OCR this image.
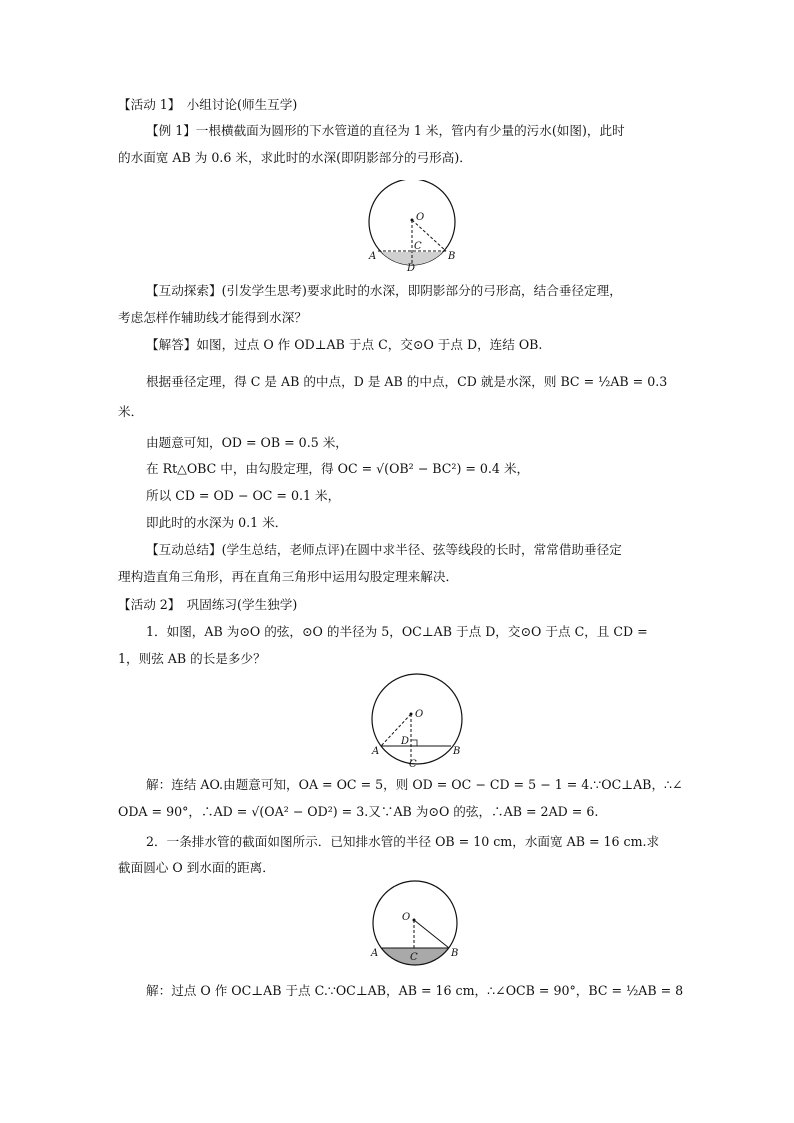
【活动 1】　小组讨论(师生互学)
【例 1】一根横截面为圆形的下水管道的直径为 1 米，管内有少量的污水(如图)，此时
的水面宽 AB 为 0.6 米，求此时的水深(即阴影部分的弓形高)．
O
C
A	B
D
【互动探索】(引发学生思考)要求此时的水深，即阴影部分的弓形高，结合垂径定理，
考虑怎样作辅助线才能得到水深？
【解答】如图，过点 O 作 OD⊥AB 于点 C，交⊙O 于点 D，连结 OB.
根据垂径定理，得 C 是 AB 的中点，D 是 AB 的中点，CD 就是水深，则 BC = ½AB = 0.3
米．
由题意可知，OD = OB = 0.5 米，
在 Rt△OBC 中，由勾股定理，得 OC = √(OB² − BC²) = 0.4 米，
所以 CD = OD − OC = 0.1 米，
即此时的水深为 0.1 米．
【互动总结】(学生总结，老师点评)在圆中求半径、弦等线段的长时，常常借助垂径定
理构造直角三角形，再在直角三角形中运用勾股定理来解决．
【活动 2】　巩固练习(学生独学)
1．如图，AB 为⊙O 的弦，⊙O 的半径为 5，OC⊥AB 于点 D，交⊙O 于点 C，且 CD =
1，则弦 AB 的长是多少？
O
D
A	B
C
解：连结 AO.由题意可知，OA = OC = 5，则 OD = OC − CD = 5 − 1 = 4.∵OC⊥AB，∴∠
ODA = 90°，∴AD = √(OA² − OD²) = 3.又∵AB 为⊙O 的弦，∴AB = 2AD = 6.
2．一条排水管的截面如图所示．已知排水管的半径 OB = 10 cm，水面宽 AB = 16 cm.求
截面圆心 O 到水面的距离．
O
A	B
C
解：过点 O 作 OC⊥AB 于点 C.∵OC⊥AB，AB = 16 cm，∴∠OCB = 90°，BC = ½AB = 8
